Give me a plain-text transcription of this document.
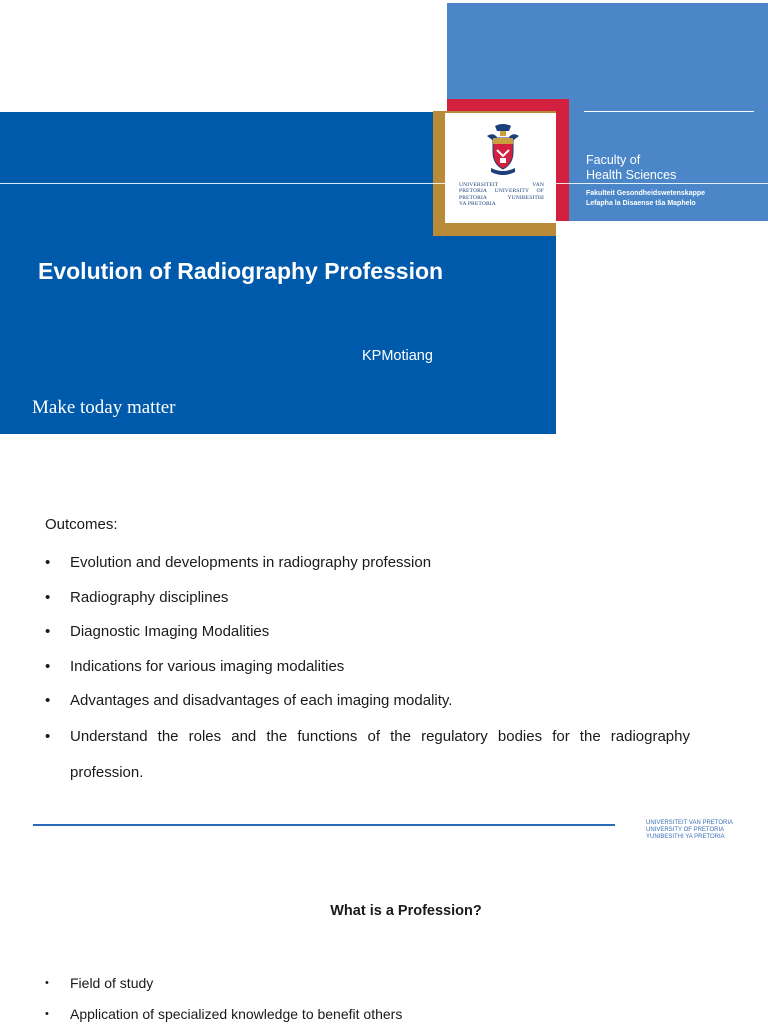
UNIVERSITEIT	VAN
PRETORIA UNIVERSITY OF
PRETORIA	YUNIBESITHI
YA PRETORIA
Faculty of
Health Sciences
Fakulteit Gesondheidswetenskappe
Lefapha la Disaense tša Maphelo
Evolution of Radiography Profession
KPMotiang
Make today matter
Outcomes:
• Evolution and developments in radiography profession
• Radiography disciplines
• Diagnostic Imaging Modalities
• Indications for various imaging modalities
• Advantages and disadvantages of each imaging modality.
• Understand the roles and the functions of the regulatory bodies for the radiography profession.
UNIVERSITEIT VAN PRETORIA
UNIVERSITY OF PRETORIA
YUNIBESITHI YA PRETORIA
What is a Profession?
• Field of study
• Application of specialized knowledge to benefit others
